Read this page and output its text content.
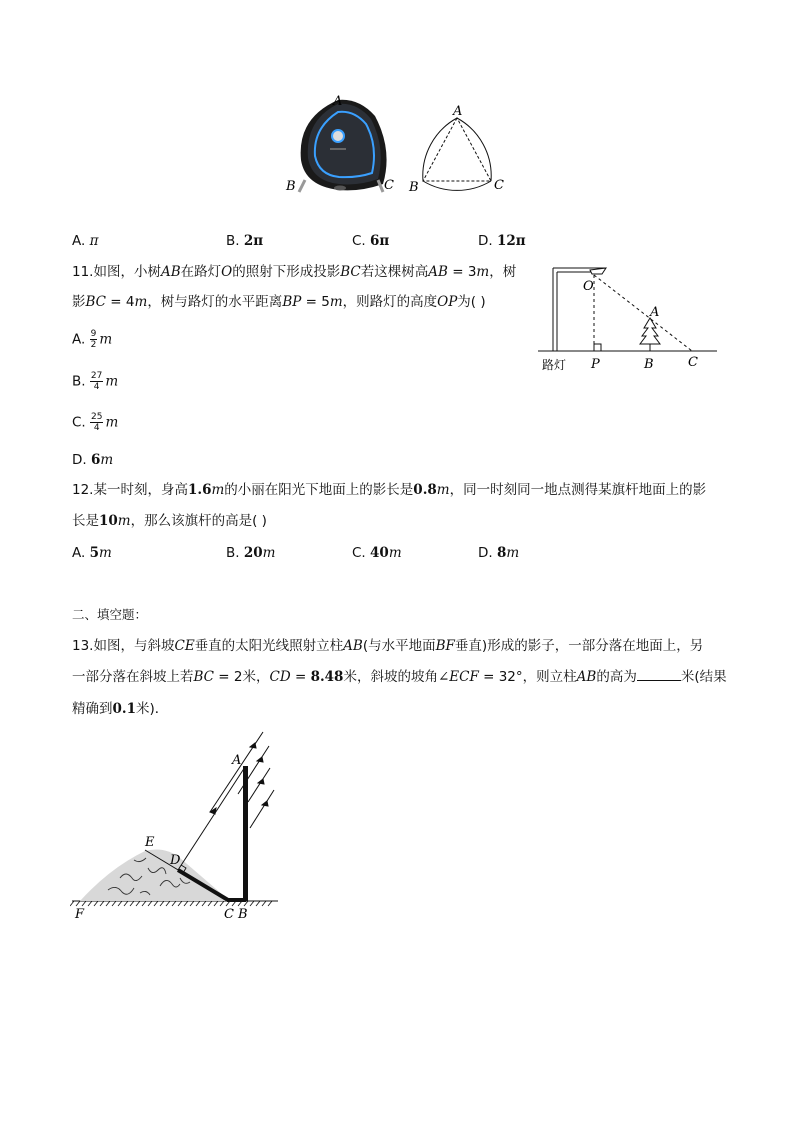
A
B	C
A
B	C
A. π	B. 2π	C. 6π	D. 12π
11.如图，小树AB在路灯O的照射下形成投影BC若这棵树高AB = 3m，树
影BC = 4m，树与路灯的水平距离BP = 5m，则路灯的高度OP为( )
A. $\frac{9}{2}$ m
B. $\frac{27}{4}$ m
C. $\frac{25}{4}$ m
D. 6m
O
A
路灯 P	B	C
12.某一时刻，身高1.6m的小丽在阳光下地面上的影长是0.8m，同一时刻同一地点测得某旗杆地面上的影
长是10m，那么该旗杆的高是( )
A. 5m	B. 20m	C. 40m	D. 8m
二、填空题：
13.如图，与斜坡CE垂直的太阳光线照射立柱AB(与水平地面BF垂直)形成的影子，一部分落在地面上，另
一部分落在斜坡上若BC = 2米，CD = 8.48米，斜坡的坡角∠ECF = 32°，则立柱AB的高为	米(结果
精确到0.1米)．
A
E
D
F	C B
